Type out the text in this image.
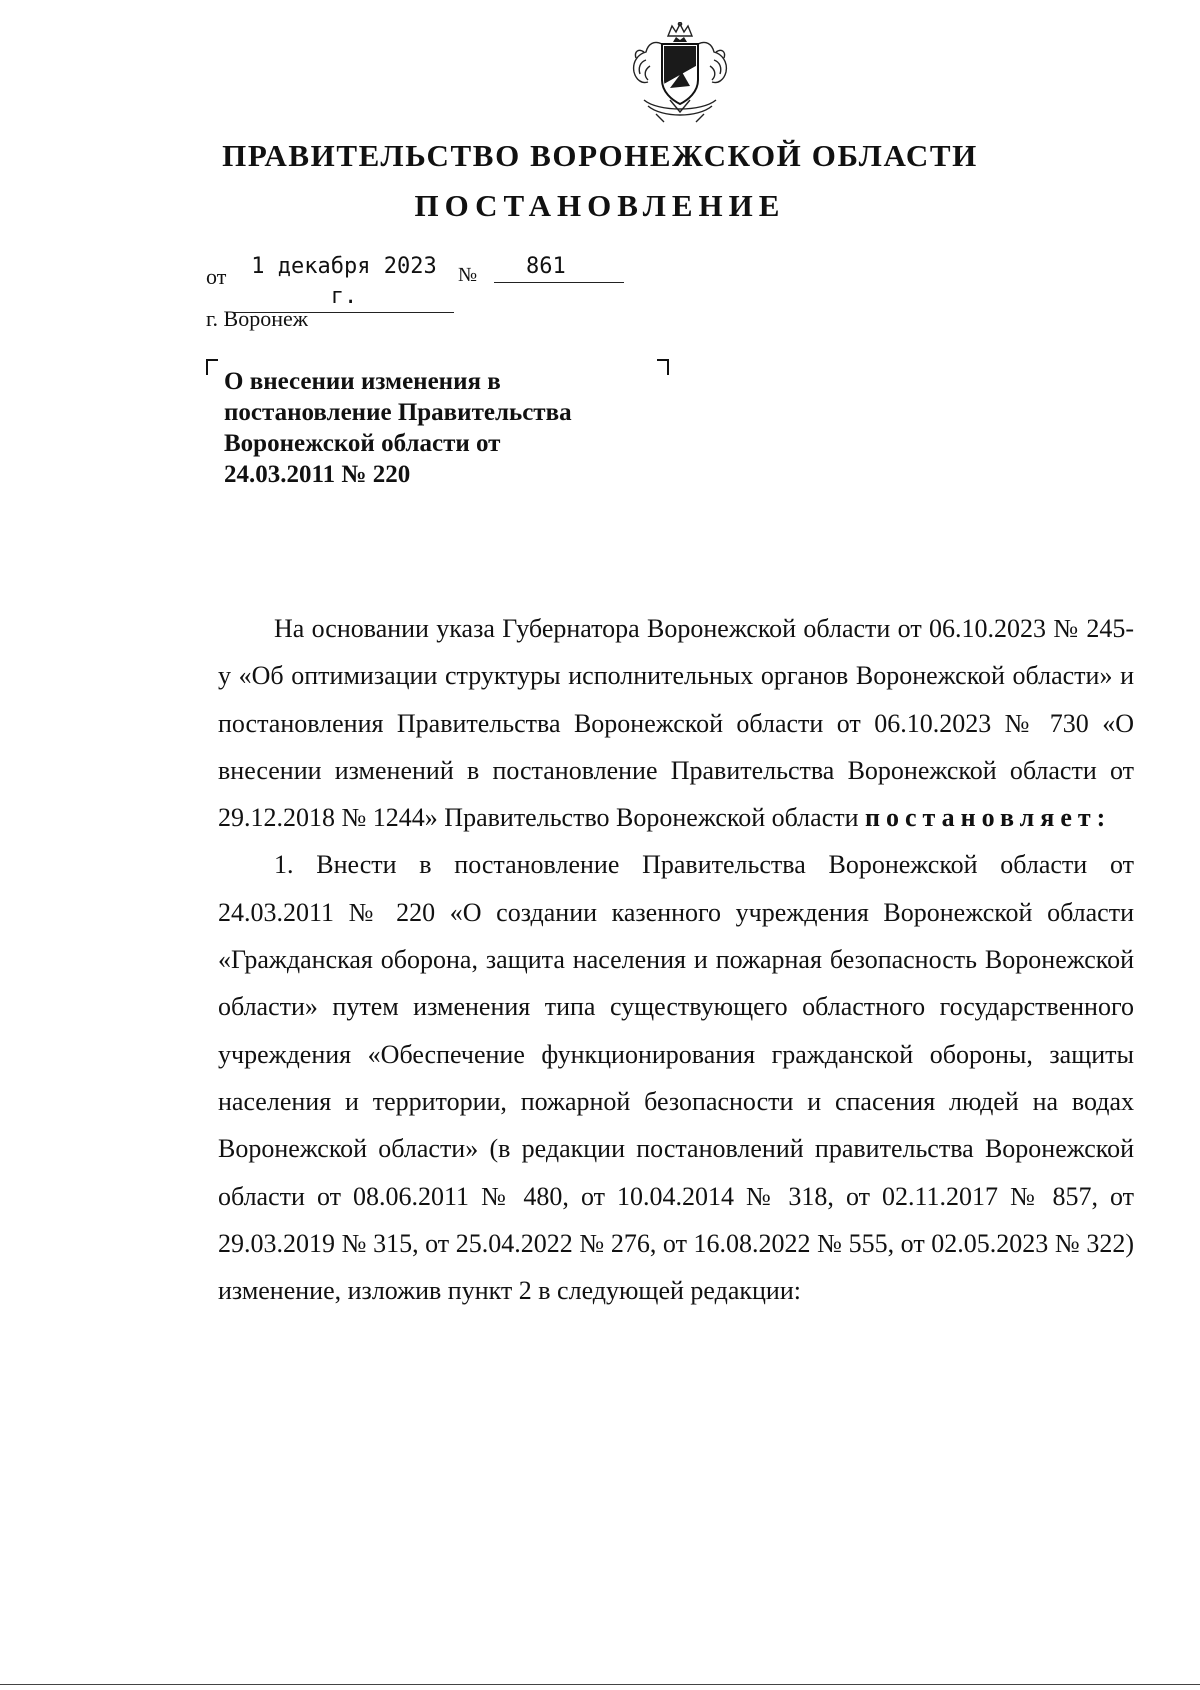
ПРАВИТЕЛЬСТВО ВОРОНЕЖСКОЙ ОБЛАСТИ
ПОСТАНОВЛЕНИЕ
от	1 декабря 2023 г.
№	861
г. Воронеж
О внесении изменения в
постановление Правительства
Воронежской области от
24.03.2011 № 220

На основании указа Губернатора Воронежской области от 06.10.2023 № 245-у «Об оптимизации структуры исполнительных органов Воронежской области» и постановления Правительства Воронежской области от 06.10.2023 № 730 «О внесении изменений в постановление Правительства Воронежской области от 29.12.2018 № 1244» Правительство Воронежской области постановляет:

1. Внести в постановление Правительства Воронежской области от 24.03.2011 № 220 «О создании казенного учреждения Воронежской области «Гражданская оборона, защита населения и пожарная безопасность Воронежской области» путем изменения типа существующего областного государственного учреждения «Обеспечение функционирования гражданской обороны, защиты населения и территории, пожарной безопасности и спасения людей на водах Воронежской области» (в редакции постановлений правительства Воронежской области от 08.06.2011 № 480, от 10.04.2014 № 318, от 02.11.2017 № 857, от 29.03.2019 № 315, от 25.04.2022 № 276, от 16.08.2022 № 555, от 02.05.2023 № 322) изменение, изложив пункт 2 в следующей редакции:
